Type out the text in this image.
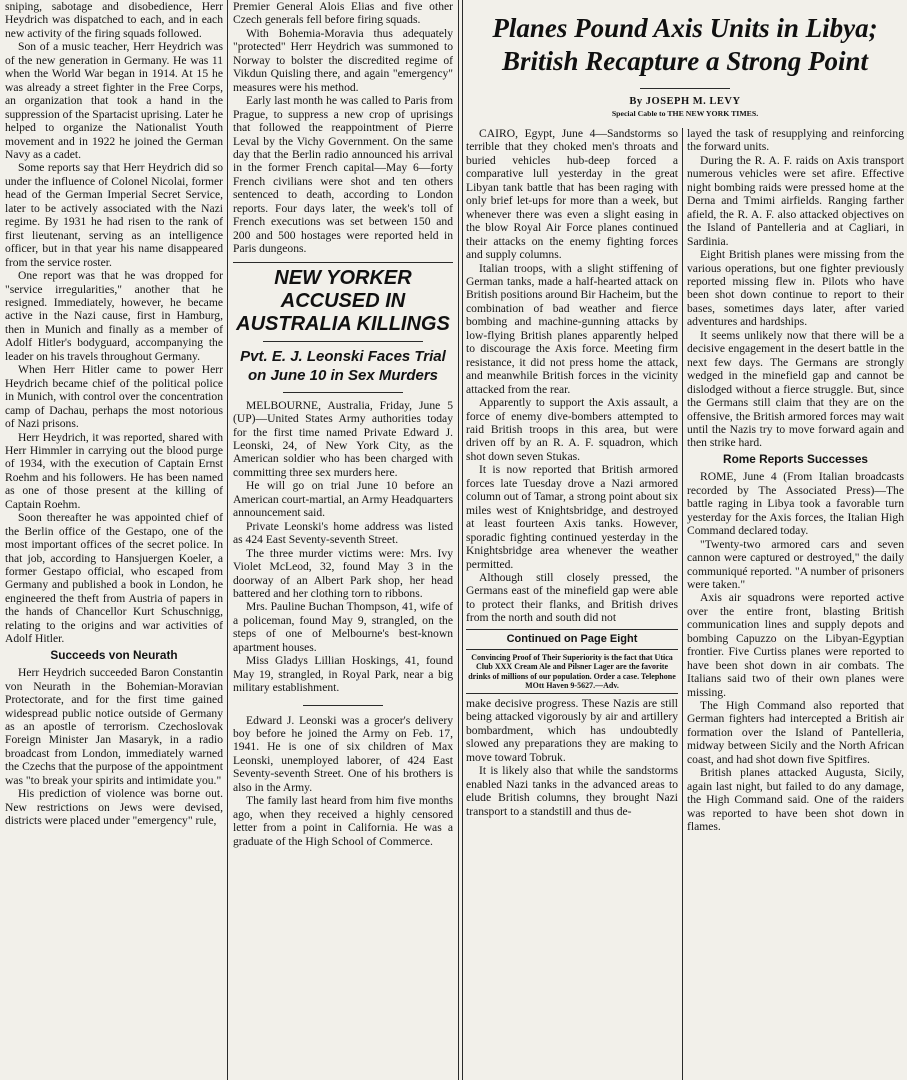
sniping, sabotage and disobedience, Herr Heydrich was dispatched to each, and in each new activity of the firing squads followed.

Son of a music teacher, Herr Heydrich was of the new generation in Germany. He was 11 when the World War began in 1914. At 15 he was already a street fighter in the Free Corps, an organization that took a hand in the suppression of the Spartacist uprising. Later he helped to organize the Nationalist Youth movement and in 1922 he joined the German Navy as a cadet.

Some reports say that Herr Heydrich did so under the influence of Colonel Nicolai, former head of the German Imperial Secret Service, later to be actively associated with the Nazi regime. By 1931 he had risen to the rank of first lieutenant, serving as an intelligence officer, but in that year his name disappeared from the service roster.

One report was that he was dropped for "service irregularities," another that he resigned. Immediately, however, he became active in the Nazi cause, first in Hamburg, then in Munich and finally as a member of Adolf Hitler's bodyguard, accompanying the leader on his travels throughout Germany.

When Herr Hitler came to power Herr Heydrich became chief of the political police in Munich, with control over the concentration camp of Dachau, perhaps the most notorious of Nazi prisons.

Herr Heydrich, it was reported, shared with Herr Himmler in carrying out the blood purge of 1934, with the execution of Captain Ernst Roehm and his followers. He has been named as one of those present at the killing of Captain Roehm.

Soon thereafter he was appointed chief of the Berlin office of the Gestapo, one of the most important offices of the secret police. In that job, according to Hansjuergen Koeler, a former Gestapo official, who escaped from Germany and published a book in London, he engineered the theft from Austria of papers in the hands of Chancellor Kurt Schuschnigg, relating to the origins and war activities of Adolf Hitler.

Succeeds von Neurath

Herr Heydrich succeeded Baron Constantin von Neurath in the Bohemian-Moravian Protectorate, and for the first time gained widespread public notice outside of Germany as an apostle of terrorism. Czechoslovak Foreign Minister Jan Masaryk, in a radio broadcast from London, immediately warned the Czechs that the purpose of the appointment was "to break your spirits and intimidate you."

His prediction of violence was borne out. New restrictions on Jews were devised, districts were placed under "emergency" rule,

Premier General Alois Elias and five other Czech generals fell before firing squads.

With Bohemia-Moravia thus adequately "protected" Herr Heydrich was summoned to Norway to bolster the discredited regime of Vikdun Quisling there, and again "emergency" measures were his method.

Early last month he was called to Paris from Prague, to suppress a new crop of uprisings that followed the reappointment of Pierre Leval by the Vichy Government. On the same day that the Berlin radio announced his arrival in the former French capital—May 6—forty French civilians were shot and ten others sentenced to death, according to London reports. Four days later, the week's toll of French executions was set between 150 and 200 and 500 hostages were reported held in Paris dungeons.

NEW YORKER ACCUSED IN AUSTRALIA KILLINGS
Pvt. E. J. Leonski Faces Trial on June 10 in Sex Murders

MELBOURNE, Australia, Friday, June 5 (UP)—United States Army authorities today for the first time named Private Edward J. Leonski, 24, of New York City, as the American soldier who has been charged with committing three sex murders here.

He will go on trial June 10 before an American court-martial, an Army Headquarters announcement said.

Private Leonski's home address was listed as 424 East Seventy-seventh Street.

The three murder victims were: Mrs. Ivy Violet McLeod, 32, found May 3 in the doorway of an Albert Park shop, her head battered and her clothing torn to ribbons.

Mrs. Pauline Buchan Thompson, 41, wife of a policeman, found May 9, strangled, on the steps of one of Melbourne's best-known apartment houses.

Miss Gladys Lillian Hoskings, 41, found May 19, strangled, in Royal Park, near a big military establishment.

Edward J. Leonski was a grocer's delivery boy before he joined the Army on Feb. 17, 1941. He is one of six children of Max Leonski, unemployed laborer, of 424 East Seventy-seventh Street. One of his brothers is also in the Army.

The family last heard from him five months ago, when they received a highly censored letter from a point in California. He was a graduate of the High School of Commerce.

Planes Pound Axis Units in Libya; British Recapture a Strong Point
By JOSEPH M. LEVY
Special Cable to THE NEW YORK TIMES.

CAIRO, Egypt, June 4—Sandstorms so terrible that they choked men's throats and buried vehicles hub-deep forced a comparative lull yesterday in the great Libyan tank battle that has been raging with only brief let-ups for more than a week, but whenever there was even a slight easing in the blow Royal Air Force planes continued their attacks on the enemy fighting forces and supply columns.

Italian troops, with a slight stiffening of German tanks, made a half-hearted attack on British positions around Bir Hacheim, but the combination of bad weather and fierce bombing and machine-gunning attacks by low-flying British planes apparently helped to discourage the Axis force. Meeting firm resistance, it did not press home the attack, and meanwhile British forces in the vicinity attacked from the rear.

Apparently to support the Axis assault, a force of enemy dive-bombers attempted to raid British troops in this area, but were driven off by an R. A. F. squadron, which shot down seven Stukas.

It is now reported that British armored forces late Tuesday drove a Nazi armored column out of Tamar, a strong point about six miles west of Knightsbridge, and destroyed at least fourteen Axis tanks. However, sporadic fighting continued yesterday in the Knightsbridge area whenever the weather permitted.

Although still closely pressed, the Germans east of the minefield gap were able to protect their flanks, and British drives from the north and south did not

Continued on Page Eight
Convincing Proof of Their Superiority is the fact that Utica Club XXX Cream Ale and Pilsner Lager are the favorite drinks of millions of our population. Order a case. Telephone MOtt Haven 9-5627.—Adv.

make decisive progress. These Nazis are still being attacked vigorously by air and artillery bombardment, which has undoubtedly slowed any preparations they are making to move toward Tobruk.

It is likely also that while the sandstorms enabled Nazi tanks in the advanced areas to elude British columns, they brought Nazi transport to a standstill and thus de-

layed the task of resupplying and reinforcing the forward units.

During the R. A. F. raids on Axis transport numerous vehicles were set afire. Effective night bombing raids were pressed home at the Derna and Tmimi airfields. Ranging farther afield, the R. A. F. also attacked objectives on the Island of Pantelleria and at Cagliari, in Sardinia.

Eight British planes were missing from the various operations, but one fighter previously reported missing flew in. Pilots who have been shot down continue to report to their bases, sometimes days later, after varied adventures and hardships.

It seems unlikely now that there will be a decisive engagement in the desert battle in the next few days. The Germans are strongly wedged in the minefield gap and cannot be dislodged without a fierce struggle. But, since the Germans still claim that they are on the offensive, the British armored forces may wait until the Nazis try to move forward again and then strike hard.

Rome Reports Successes

ROME, June 4 (From Italian broadcasts recorded by The Associated Press)—The battle raging in Libya took a favorable turn yesterday for the Axis forces, the Italian High Command declared today.

"Twenty-two armored cars and seven cannon were captured or destroyed," the daily communiqué reported. "A number of prisoners were taken."

Axis air squadrons were reported active over the entire front, blasting British communication lines and supply depots and bombing Capuzzo on the Libyan-Egyptian frontier. Five Curtiss planes were reported to have been shot down in air combats. The Italians said two of their own planes were missing.

The High Command also reported that German fighters had intercepted a British air formation over the Island of Pantelleria, midway between Sicily and the North African coast, and had shot down five Spitfires.

British planes attacked Augusta, Sicily, again last night, but failed to do any damage, the High Command said. One of the raiders was reported to have been shot down in flames.
